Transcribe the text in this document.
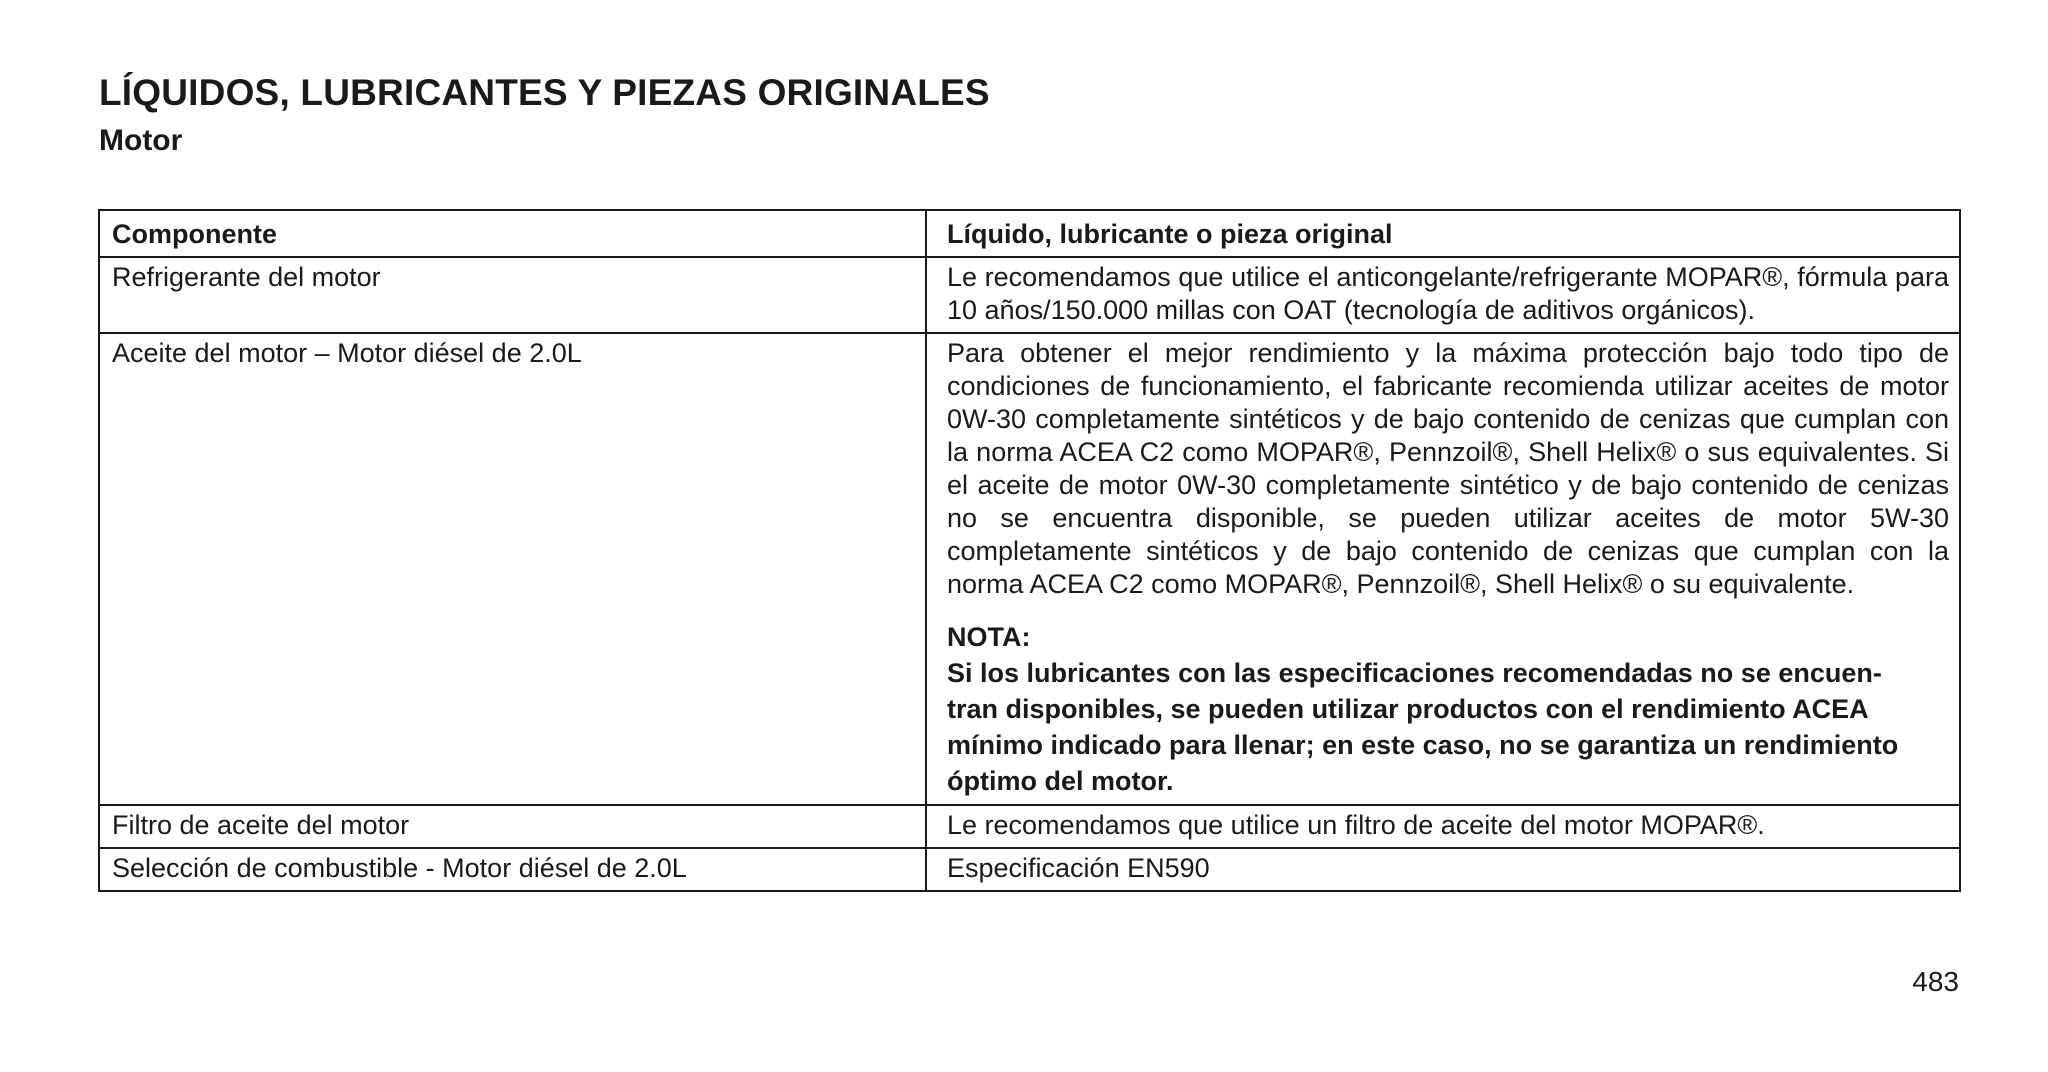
LÍQUIDOS, LUBRICANTES Y PIEZAS ORIGINALES
Motor
Componente	Líquido, lubricante o pieza original
Refrigerante del motor	Le recomendamos que utilice el anticongelante/refrigerante MOPAR®, fórmula para 10 años/150.000 millas con OAT (tecnología de aditivos orgánicos).
Aceite del motor – Motor diésel de 2.0L	Para obtener el mejor rendimiento y la máxima protección bajo todo tipo de condiciones de funcionamiento, el fabricante recomienda utilizar aceites de motor 0W-30 completamente sintéticos y de bajo contenido de cenizas que cumplan con la norma ACEA C2 como MOPAR®, Pennzoil®, Shell Helix® o sus equivalentes. Si el aceite de motor 0W-30 completamente sintético y de bajo contenido de cenizas no se encuentra disponible, se pueden utilizar aceites de motor 5W-30 completamente sintéticos y de bajo contenido de cenizas que cumplan con la norma ACEA C2 como MOPAR®, Pennzoil®, Shell Helix® o su equivalente.

NOTA:

Si los lubricantes con las especificaciones recomendadas no se encuen-tran disponibles, se pueden utilizar productos con el rendimiento ACEA mínimo indicado para llenar; en este caso, no se garantiza un rendimiento óptimo del motor.

Filtro de aceite del motor	Le recomendamos que utilice un filtro de aceite del motor MOPAR®.
Selección de combustible - Motor diésel de 2.0L	Especificación EN590
483
